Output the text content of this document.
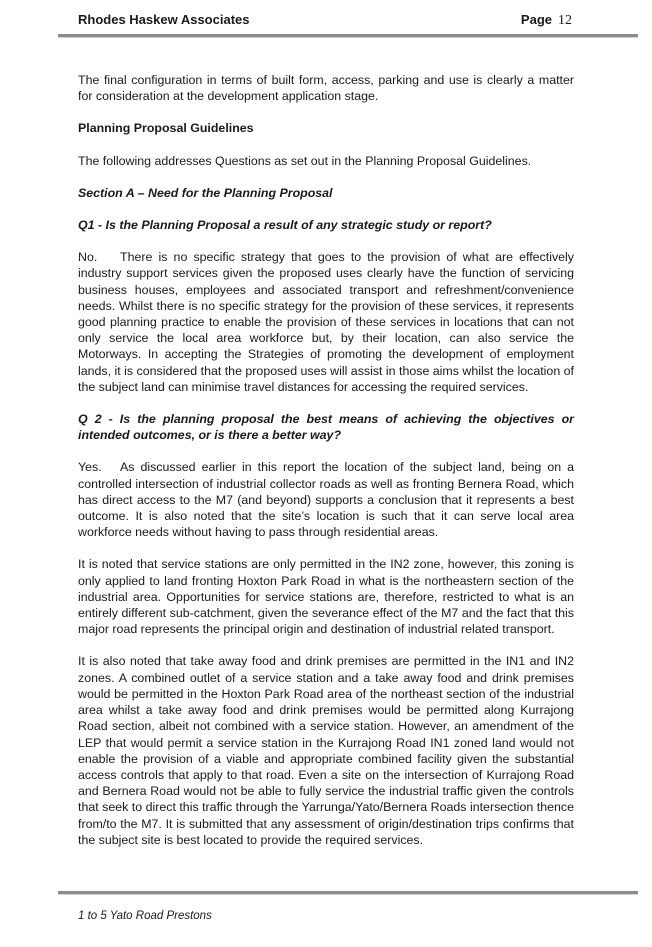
Rhodes Haskew Associates	Page 12

The final configuration in terms of built form, access, parking and use is clearly a matter for consideration at the development application stage.

Planning Proposal Guidelines

The following addresses Questions as set out in the Planning Proposal Guidelines.

Section A – Need for the Planning Proposal

Q1 - Is the Planning Proposal a result of any strategic study or report?

No. There is no specific strategy that goes to the provision of what are effectively industry support services given the proposed uses clearly have the function of servicing business houses, employees and associated transport and refreshment/convenience needs. Whilst there is no specific strategy for the provision of these services, it represents good planning practice to enable the provision of these services in locations that can not only service the local area workforce but, by their location, can also service the Motorways. In accepting the Strategies of promoting the development of employment lands, it is considered that the proposed uses will assist in those aims whilst the location of the subject land can minimise travel distances for accessing the required services.

Q 2 - Is the planning proposal the best means of achieving the objectives or intended outcomes, or is there a better way?

Yes. As discussed earlier in this report the location of the subject land, being on a controlled intersection of industrial collector roads as well as fronting Bernera Road, which has direct access to the M7 (and beyond) supports a conclusion that it represents a best outcome. It is also noted that the site’s location is such that it can serve local area workforce needs without having to pass through residential areas.

It is noted that service stations are only permitted in the IN2 zone, however, this zoning is only applied to land fronting Hoxton Park Road in what is the northeastern section of the industrial area. Opportunities for service stations are, therefore, restricted to what is an entirely different sub-catchment, given the severance effect of the M7 and the fact that this major road represents the principal origin and destination of industrial related transport.

It is also noted that take away food and drink premises are permitted in the IN1 and IN2 zones. A combined outlet of a service station and a take away food and drink premises would be permitted in the Hoxton Park Road area of the northeast section of the industrial area whilst a take away food and drink premises would be permitted along Kurrajong Road section, albeit not combined with a service station. However, an amendment of the LEP that would permit a service station in the Kurrajong Road IN1 zoned land would not enable the provision of a viable and appropriate combined facility given the substantial access controls that apply to that road. Even a site on the intersection of Kurrajong Road and Bernera Road would not be able to fully service the industrial traffic given the controls that seek to direct this traffic through the Yarrunga/Yato/Bernera Roads intersection thence from/to the M7. It is submitted that any assessment of origin/destination trips confirms that the subject site is best located to provide the required services.

1 to 5 Yato Road Prestons
